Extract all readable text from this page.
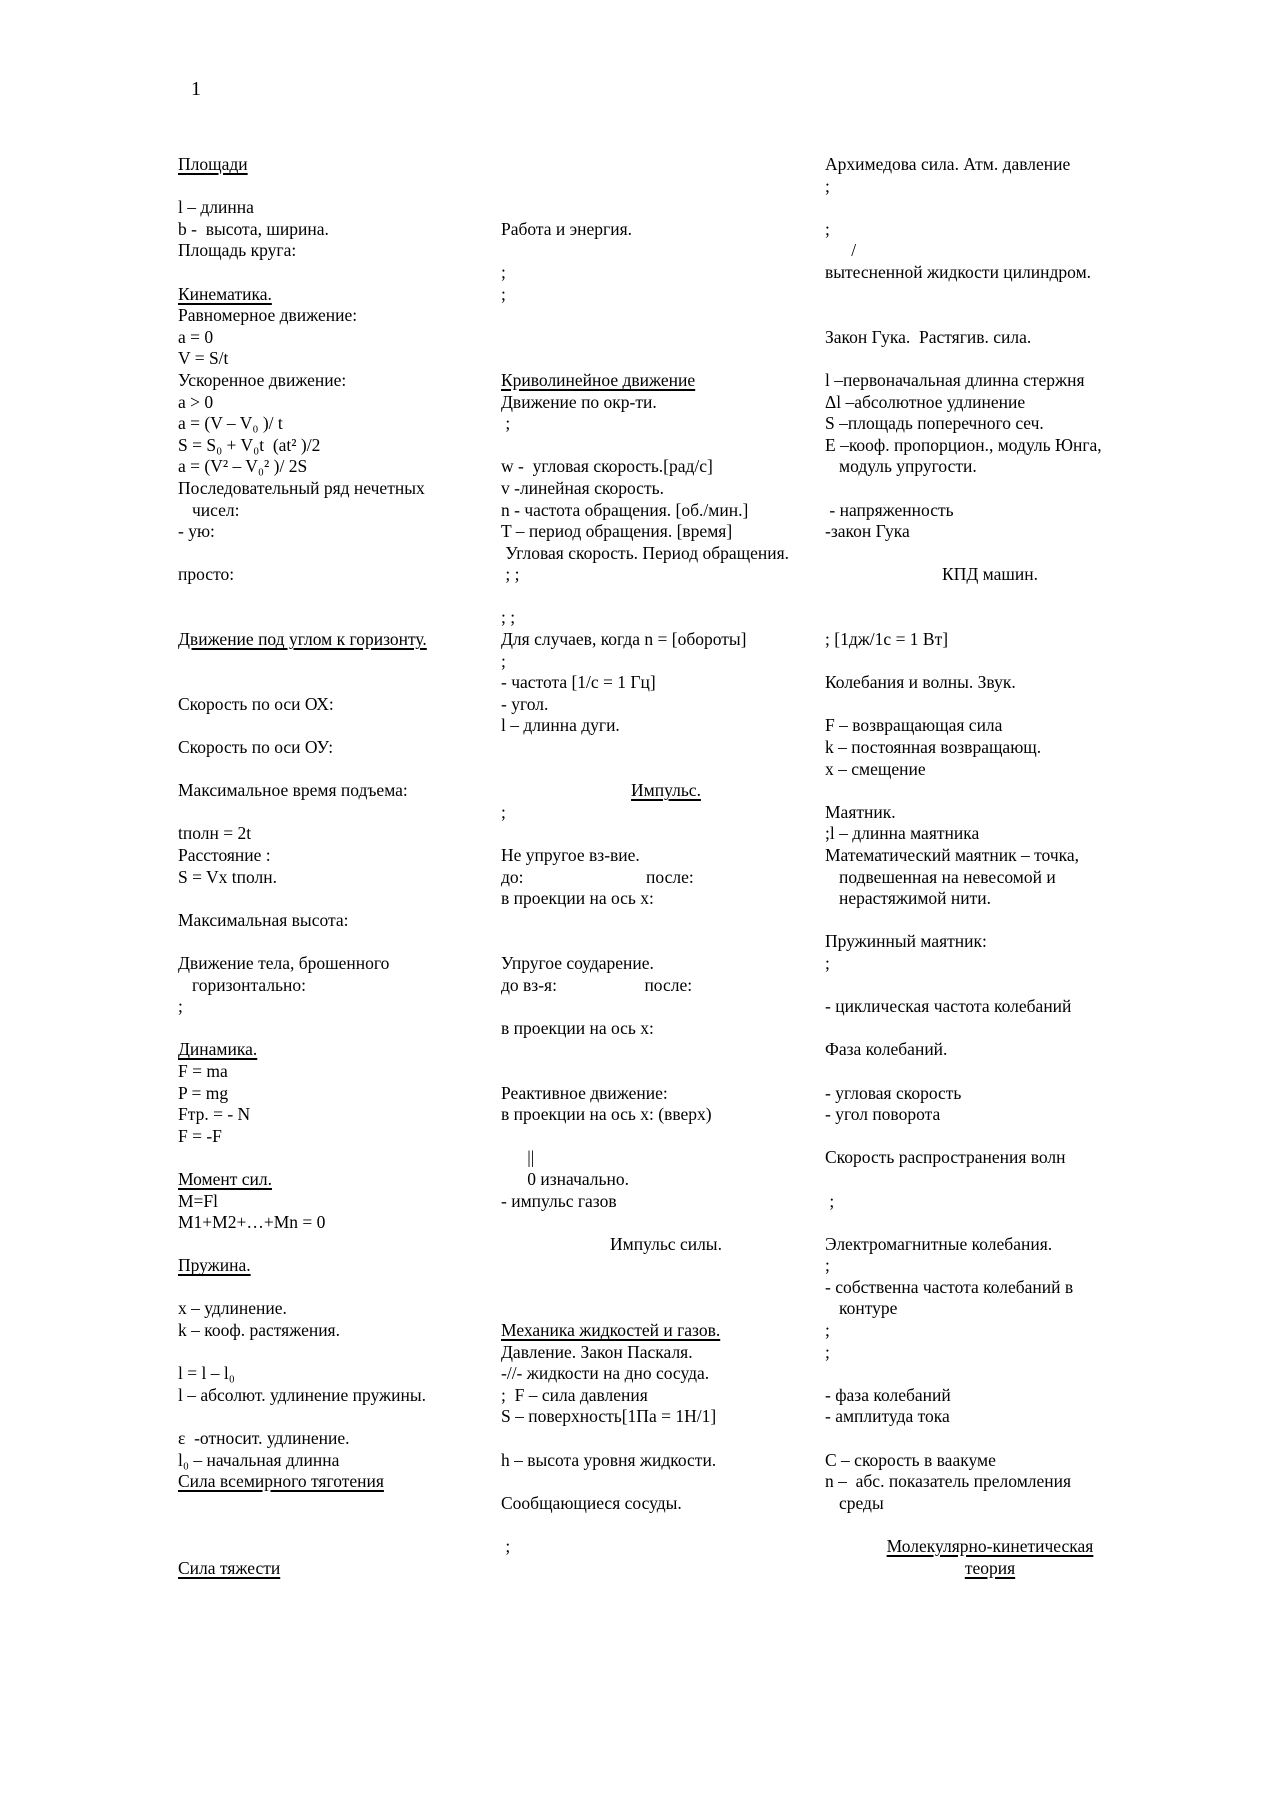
1
Площади
l – длинна
b -  высота, ширина.
Площадь круга:
Кинематика.
Равномерное движение:
a = 0
V = S/t
Ускоренное движение:
a > 0
a = (V – V₀ )/ t
S = S₀ + V₀t  (at² )/2
a = (V² – V₀² )/ 2S
Последовательный ряд нечетных
чисел:
- ую:
просто:
Движение под углом к горизонту.
Скорость по оси ОХ:
Скорость по оси ОУ:
Максимальное время подъема:
tполн = 2t
Расстояние :
S = Vx tполн.
Максимальная высота:
Движение тела, брошенного
горизонтально:
;
Динамика.
F = ma
P = mg
Fтр. = - N
F = -F
Момент сил.
M=Fl
M1+M2+…+Mn = 0
Пружина.
x – удлинение.
k – кооф. растяжения.
l = l – l₀
l – абсолют. удлинение пружины.
ε  -относит. удлинение.
l₀ – начальная длинна
Сила всемирного тяготения
Сила тяжести
Работа и энергия.
;
;
Криволинейное движение
Движение по окр-ти.
;
w -  угловая скорость.[рад/с]
v -линейная скорость.
n - частота обращения. [об./мин.]
T – период обращения. [время]
Угловая скорость. Период обращения.
; ;
; ;
Для случаев, когда n = [обороты]
;
- частота [1/с = 1 Гц]
- угол.
l – длинна дуги.
Импульс.
;
Не упругое вз-вие.
до:                            после:
в проекции на ось x:
Упругое соударение.
до вз-я:                    после:
в проекции на ось x:
Реактивное движение:
в проекции на ось x: (вверх)
||
0 изначально.
- импульс газов
Импульс силы.
Механика жидкостей и газов.
Давление. Закон Паскаля.
-//- жидкости на дно сосуда.
;  F – сила давления
S – поверхность[1Па = 1Н/1]
h – высота уровня жидкости.
Сообщающиеся сосуды.
;
Архимедова сила. Атм. давление
;
;
/
вытесненной жидкости цилиндром.
Закон Гука.  Растягив. сила.
l –первоначальная длинна стержня
Δl –абсолютное удлинение
S –площадь поперечного сеч.
E –кооф. пропорцион., модуль Юнга,
модуль упругости.
- напряженность
-закон Гука
КПД машин.
; [1дж/1с = 1 Вт]
Колебания и волны. Звук.
F – возвращающая сила
k – постоянная возвращающ.
x – смещение
Маятник.
;l – длинна маятника
Математический маятник – точка,
подвешенная на невесомой и
нерастяжимой нити.
Пружинный маятник:
;
- циклическая частота колебаний
Фаза колебаний.
- угловая скорость
- угол поворота
Скорость распространения волн
;
Электромагнитные колебания.
;
- собственна частота колебаний в
контуре
;
;
- фаза колебаний
- амплитуда тока
C – скорость в ваакуме
n –  абс. показатель преломления
среды
Молекулярно-кинетическая
теория
